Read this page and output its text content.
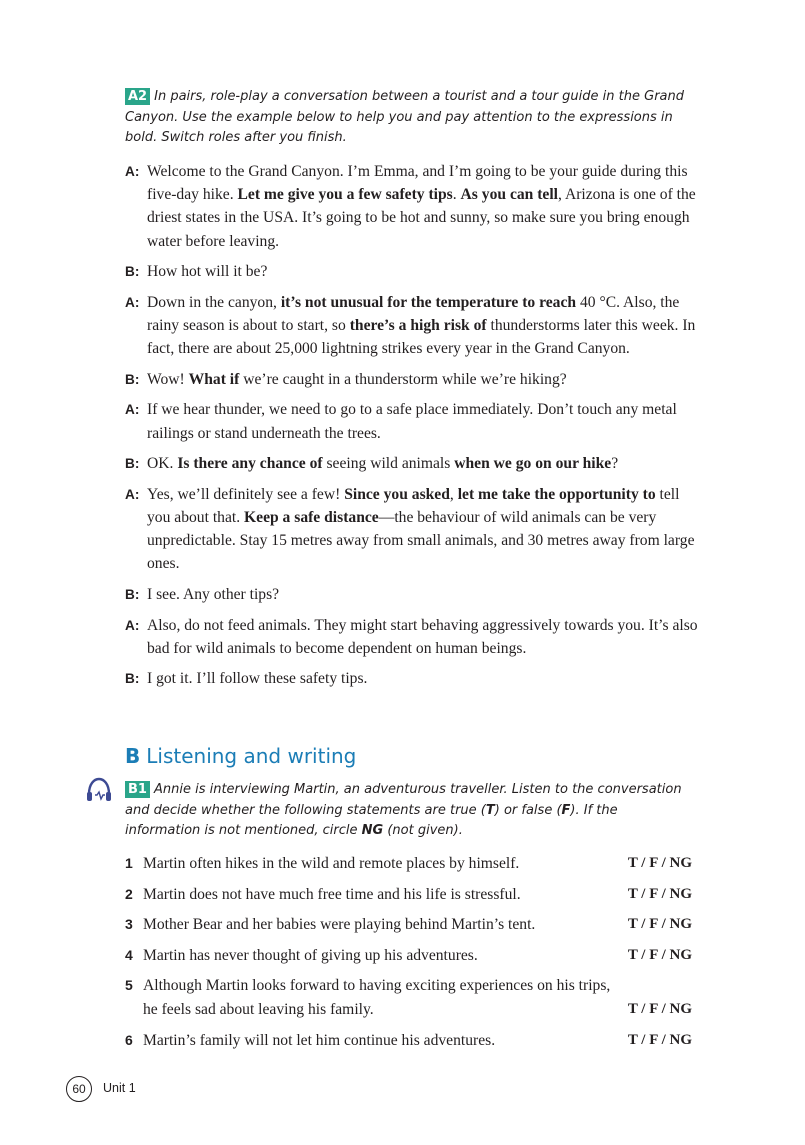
A2 In pairs, role-play a conversation between a tourist and a tour guide in the Grand Canyon. Use the example below to help you and pay attention to the expressions in bold. Switch roles after you finish.
A: Welcome to the Grand Canyon. I’m Emma, and I’m going to be your guide during this five-day hike. Let me give you a few safety tips. As you can tell, Arizona is one of the driest states in the USA. It’s going to be hot and sunny, so make sure you bring enough water before leaving.
B: How hot will it be?
A: Down in the canyon, it’s not unusual for the temperature to reach 40 °C. Also, the rainy season is about to start, so there’s a high risk of thunderstorms later this week. In fact, there are about 25,000 lightning strikes every year in the Grand Canyon.
B: Wow! What if we’re caught in a thunderstorm while we’re hiking?
A: If we hear thunder, we need to go to a safe place immediately. Don’t touch any metal railings or stand underneath the trees.
B: OK. Is there any chance of seeing wild animals when we go on our hike?
A: Yes, we’ll definitely see a few! Since you asked, let me take the opportunity to tell you about that. Keep a safe distance—the behaviour of wild animals can be very unpredictable. Stay 15 metres away from small animals, and 30 metres away from large ones.
B: I see. Any other tips?
A: Also, do not feed animals. They might start behaving aggressively towards you. It’s also bad for wild animals to become dependent on human beings.
B: I got it. I’ll follow these safety tips.
B Listening and writing
B1 Annie is interviewing Martin, an adventurous traveller. Listen to the conversation and decide whether the following statements are true (T) or false (F). If the information is not mentioned, circle NG (not given).
1 Martin often hikes in the wild and remote places by himself.	T / F / NG
2 Martin does not have much free time and his life is stressful.	T / F / NG
3 Mother Bear and her babies were playing behind Martin’s tent.	T / F / NG
4 Martin has never thought of giving up his adventures.	T / F / NG
5 Although Martin looks forward to having exciting experiences on his trips, he feels sad about leaving his family.	T / F / NG
6 Martin’s family will not let him continue his adventures.	T / F / NG
60	Unit 1
